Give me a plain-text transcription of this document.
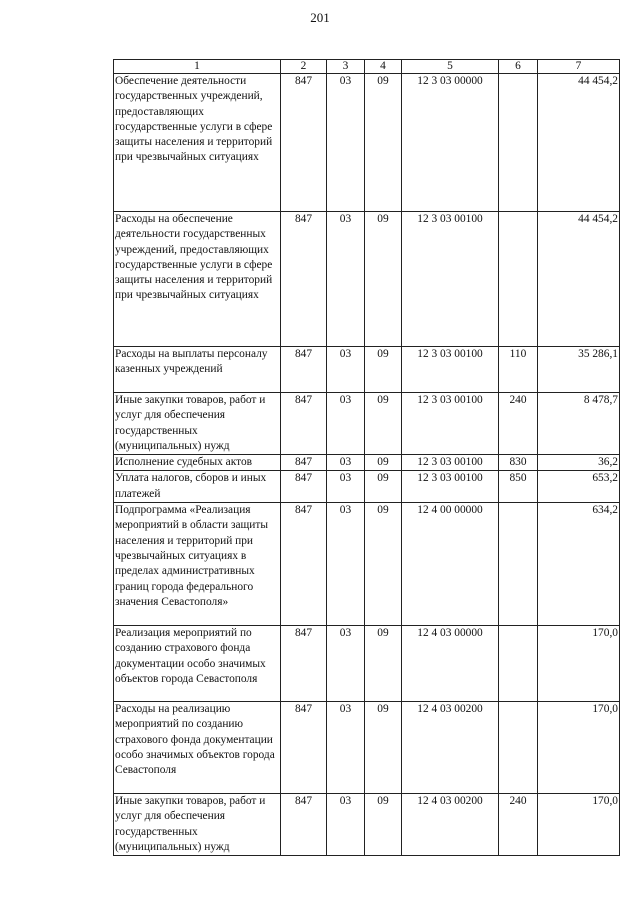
201
1	2	3	4	5	6	7
Обеспечение деятельности государственных учреждений, предоставляющих государственные услуги в сфере защиты населения и территорий при чрезвычайных ситуациях	847	03	09	12 3 03 00000		44 454,2
Расходы на обеспечение деятельности государственных учреждений, предоставляющих государственные услуги в сфере защиты населения и территорий при чрезвычайных ситуациях	847	03	09	12 3 03 00100		44 454,2
Расходы на выплаты персоналу казенных учреждений	847	03	09	12 3 03 00100	110	35 286,1
Иные закупки товаров, работ и услуг для обеспечения государственных (муниципальных) нужд	847	03	09	12 3 03 00100	240	8 478,7
Исполнение судебных актов	847	03	09	12 3 03 00100	830	36,2
Уплата налогов, сборов и иных платежей	847	03	09	12 3 03 00100	850	653,2
Подпрограмма «Реализация мероприятий в области защиты населения и территорий при чрезвычайных ситуациях в пределах административных границ города федерального значения Севастополя»	847	03	09	12 4 00 00000		634,2
Реализация мероприятий по созданию страхового фонда документации особо значимых объектов города Севастополя	847	03	09	12 4 03 00000		170,0
Расходы на реализацию мероприятий по созданию страхового фонда документации особо значимых объектов города Севастополя	847	03	09	12 4 03 00200		170,0
Иные закупки товаров, работ и услуг для обеспечения государственных (муниципальных) нужд	847	03	09	12 4 03 00200	240	170,0
